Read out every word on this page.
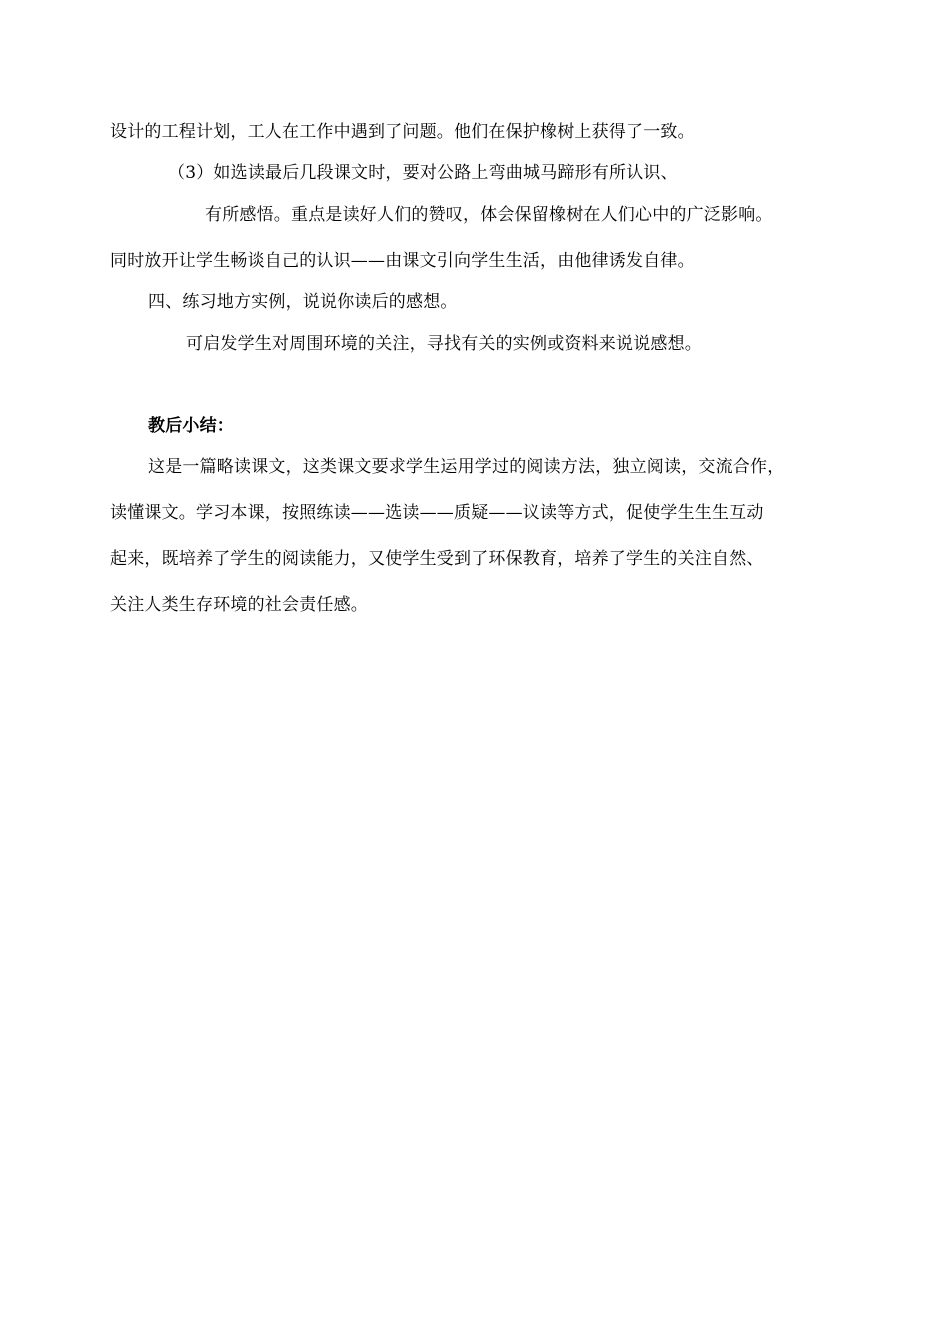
设计的工程计划，工人在工作中遇到了问题。他们在保护橡树上获得了一致。
（3）如选读最后几段课文时，要对公路上弯曲城马蹄形有所认识、
有所感悟。重点是读好人们的赞叹，体会保留橡树在人们心中的广泛影响。
同时放开让学生畅谈自己的认识——由课文引向学生生活，由他律诱发自律。
四、练习地方实例，说说你读后的感想。
可启发学生对周围环境的关注，寻找有关的实例或资料来说说感想。
教后小结：
这是一篇略读课文，这类课文要求学生运用学过的阅读方法，独立阅读，交流合作，
读懂课文。学习本课，按照练读——选读——质疑——议读等方式，促使学生生生互动
起来，既培养了学生的阅读能力，又使学生受到了环保教育，培养了学生的关注自然、
关注人类生存环境的社会责任感。
